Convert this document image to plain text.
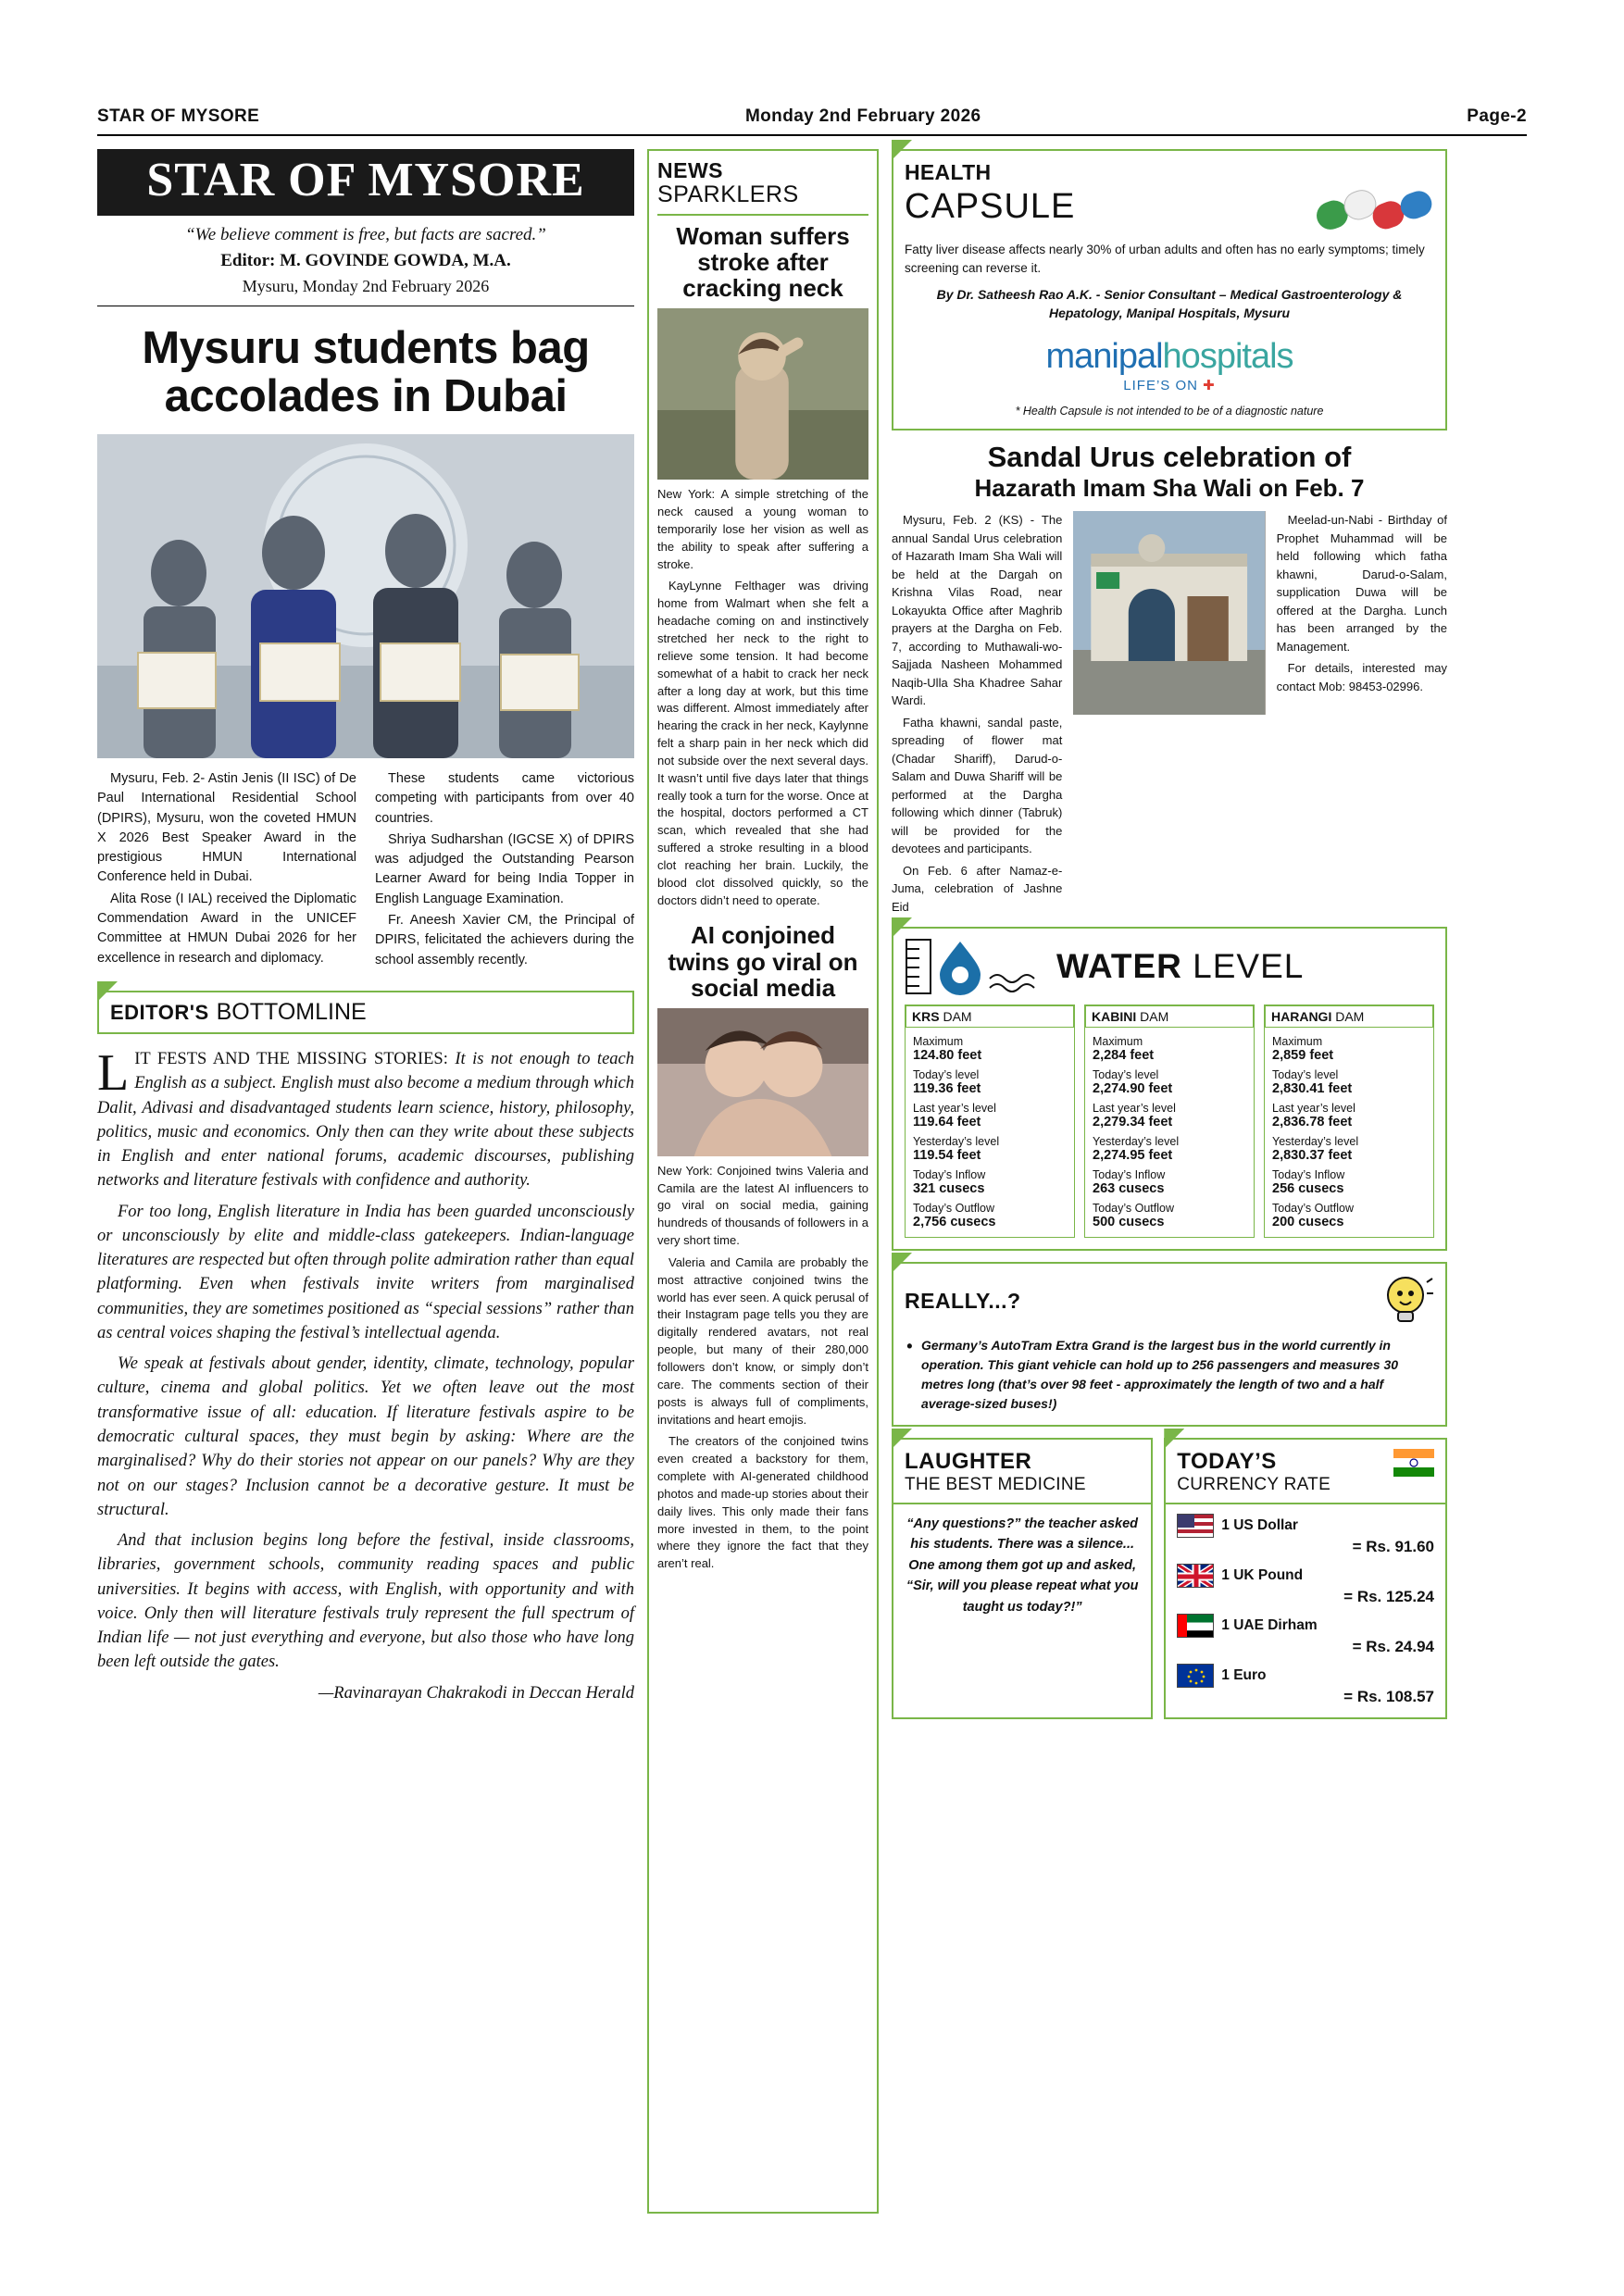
STAR OF MYSORE	Monday 2nd February 2026	Page-2
STAR OF MYSORE
“We believe comment is free, but facts are sacred.”
Editor: M. GOVINDE GOWDA, M.A.
Mysuru, Monday 2nd February 2026
Mysuru students bag accolades in Dubai

Mysuru, Feb. 2- Astin Jenis (II ISC) of De Paul International Residential School (DPIRS), Mysuru, won the coveted HMUN X 2026 Best Speaker Award in the prestigious HMUN International Conference held in Dubai.

Alita Rose (I IAL) received the Diplomatic Commendation Award in the UNICEF Committee at HMUN Dubai 2026 for her excellence in research and diplomacy.

These students came victorious competing with participants from over 40 countries.

Shriya Sudharshan (IGCSE X) of DPIRS was adjudged the Outstanding Pearson Learner Award for being India Topper in English Language Examination.

Fr. Aneesh Xavier CM, the Principal of DPIRS, felicitated the achievers during the school assembly recently.

EDITOR'S BOTTOMLINE

LIT FESTS AND THE MISSING STORIES: It is not enough to teach English as a subject. English must also become a medium through which Dalit, Adivasi and disadvantaged students learn science, history, philosophy, politics, music and economics. Only then can they write about these subjects in English and enter national forums, academic discourses, publishing networks and literature festivals with confidence and authority.

For too long, English literature in India has been guarded unconsciously or unconsciously by elite and middle-class gatekeepers. Indian-language literatures are respected but often through polite admiration rather than equal platforming. Even when festivals invite writers from marginalised communities, they are sometimes positioned as “special sessions” rather than as central voices shaping the festival’s intellectual agenda.

We speak at festivals about gender, identity, climate, technology, popular culture, cinema and global politics. Yet we often leave out the most transformative issue of all: education. If literature festivals aspire to be democratic cultural spaces, they must begin by asking: Where are the marginalised? Why do their stories not appear on our panels? Why are they not on our stages? Inclusion cannot be a decorative gesture. It must be structural.

And that inclusion begins long before the festival, inside classrooms, libraries, government schools, community reading spaces and public universities. It begins with access, with English, with opportunity and with voice. Only then will literature festivals truly represent the full spectrum of Indian life — not just everything and everyone, but also those who have long been left outside the gates.

—Ravinarayan Chakrakodi in Deccan Herald

NEWS
SPARKLERS
Woman suffers stroke after cracking neck

New York: A simple stretching of the neck caused a young woman to temporarily lose her vision as well as the ability to speak after suffering a stroke.

KayLynne Felthager was driving home from Walmart when she felt a headache coming on and instinctively stretched her neck to the right to relieve some tension. It had become somewhat of a habit to crack her neck after a long day at work, but this time was different. Almost immediately after hearing the crack in her neck, Kaylynne felt a sharp pain in her neck which did not subside over the next several days. It wasn’t until five days later that things really took a turn for the worse. Once at the hospital, doctors performed a CT scan, which revealed that she had suffered a stroke resulting in a blood clot reaching her brain. Luckily, the blood clot dissolved quickly, so the doctors didn’t need to operate.

AI conjoined twins go viral on social media

New York: Conjoined twins Valeria and Camila are the latest AI influencers to go viral on social media, gaining hundreds of thousands of followers in a very short time.

Valeria and Camila are probably the most attractive conjoined twins the world has ever seen. A quick perusal of their Instagram page tells you they are digitally rendered avatars, not real people, but many of their 280,000 followers don’t know, or simply don’t care. The comments section of their posts is always full of compliments, invitations and heart emojis.

The creators of the conjoined twins even created a backstory for them, complete with AI-generated childhood photos and made-up stories about their daily lives. This only made their fans more invested in them, to the point where they ignore the fact that they aren’t real.

HEALTH
CAPSULE
Fatty liver disease affects nearly 30% of urban adults and often has no early symptoms; timely screening can reverse it.
By Dr. Satheesh Rao A.K. - Senior Consultant – Medical Gastroenterology & Hepatology, Manipal Hospitals, Mysuru
manipalhospitals
LIFE’S ON ✚
* Health Capsule is not intended to be of a diagnostic nature
Sandal Urus celebration of
Hazarath Imam Sha Wali on Feb. 7

Mysuru, Feb. 2 (KS) - The annual Sandal Urus celebration of Hazarath Imam Sha Wali will be held at the Dargah on Krishna Vilas Road, near Lokayukta Office after Maghrib prayers at the Dargha on Feb. 7, according to Muthawali-wo-Sajjada Nasheen Mohammed Naqib-Ulla Sha Khadree Sahar Wardi.

Fatha khawni, sandal paste, spreading of flower mat (Chadar Shariff), Darud-o-Salam and Duwa Shariff will be performed at the Dargha following which dinner (Tabruk) will be provided for the devotees and participants.

On Feb. 6 after Namaz-e-Juma, celebration of Jashne Eid

Meelad-un-Nabi - Birthday of Prophet Muhammad will be held following which fatha khawni, Darud-o-Salam, supplication Duwa will be offered at the Dargha. Lunch has been arranged by the Management.

For details, interested may contact Mob: 98453-02996.

WATER LEVEL
KRS DAM
Maximum
124.80 feet
Today’s level
119.36 feet
Last year’s level
119.64 feet
Yesterday’s level
119.54 feet
Today’s Inflow
321 cusecs
Today’s Outflow
2,756 cusecs
KABINI DAM
Maximum
2,284 feet
Today’s level
2,274.90 feet
Last year’s level
2,279.34 feet
Yesterday’s level
2,274.95 feet
Today’s Inflow
263 cusecs
Today’s Outflow
500 cusecs
HARANGI DAM
Maximum
2,859 feet
Today’s level
2,830.41 feet
Last year’s level
2,836.78 feet
Yesterday’s level
2,830.37 feet
Today’s Inflow
256 cusecs
Today’s Outflow
200 cusecs
REALLY...?
• Germany’s AutoTram Extra Grand is the largest bus in the world currently in operation. This giant vehicle can hold up to 256 passengers and measures 30 metres long (that’s over 98 feet - approximately the length of two and a half average-sized buses!)
LAUGHTER
THE BEST MEDICINE
“Any questions?” the teacher asked his students. There was a silence... One among them got up and asked, “Sir, will you please repeat what you taught us today?!”
TODAY’S
CURRENCY RATE
1 US Dollar
= Rs. 91.60
1 UK Pound
= Rs. 125.24
1 UAE Dirham
= Rs. 24.94
1 Euro
= Rs. 108.57
